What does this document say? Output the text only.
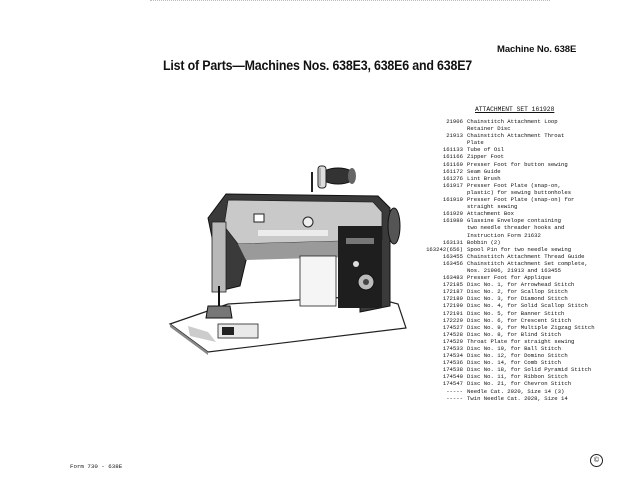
Machine No. 638E
List of Parts—Machines Nos. 638E3, 638E6 and 638E7
ATTACHMENT SET 161928
21906 Chainstitch Attachment Loop
Retainer Disc
21913 Chainstitch Attachment Throat
Plate
161133 Tube of Oil
161166 Zipper Foot
161169 Presser Foot for button sewing
161172 Seam Guide
161276 Lint Brush
161917 Presser Foot Plate (snap-on,
plastic) for sewing buttonholes
161919 Presser Foot Plate (snap-on) for
straight sewing
161929 Attachment Box
161980 Glassine Envelope containing
two needle threader hooks and
Instruction Form 21632
163131 Bobbin (2)
163242(656) Spool Pin for two needle sewing
163455 Chainstitch Attachment Thread Guide
163456 Chainstitch Attachment Set complete,
Nos. 21906, 21913 and 163455
163483 Presser Foot for Applique
172185 Disc No. 1, for Arrowhead Stitch
172187 Disc No. 2, for Scallop Stitch
172189 Disc No. 3, for Diamond Stitch
172190 Disc No. 4, for Solid Scallop Stitch
172191 Disc No. 5, for Banner Stitch
172229 Disc No. 6, for Crescent Stitch
174527 Disc No. 9, for Multiple Zigzag Stitch
174528 Disc No. 8, for Blind Stitch
174529 Throat Plate for straight sewing
174533 Disc No. 10, for Ball Stitch
174534 Disc No. 12, for Domino Stitch
174536 Disc No. 14, for Comb Stitch
174538 Disc No. 18, for Solid Pyramid Stitch
174540 Disc No. 11, for Ribbon Stitch
174547 Disc No. 21, for Chevron Stitch
----- Needle Cat. 2020, Size 14 (3)
----- Twin Needle Cat. 2028, Size 14
Form 730 - 638E
©
